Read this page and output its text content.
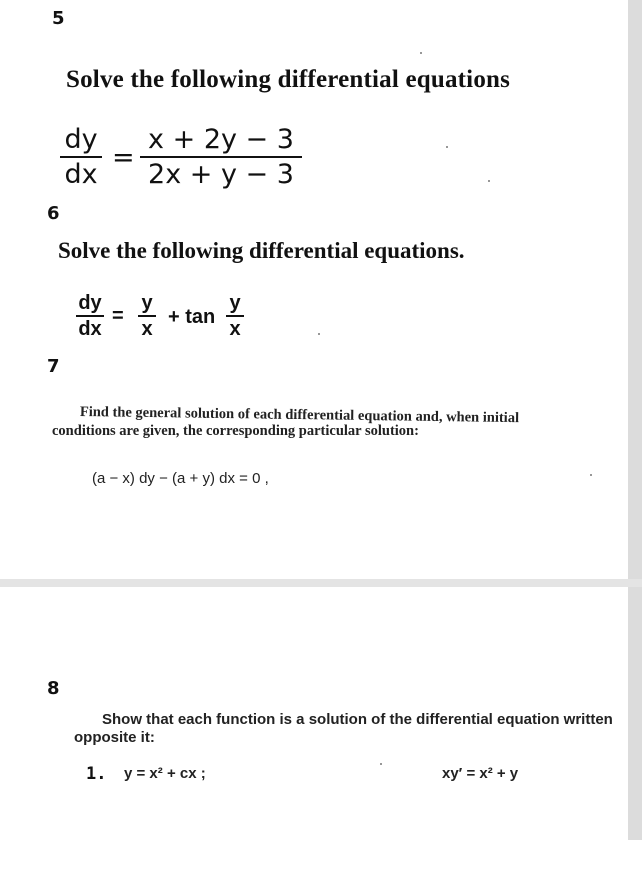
5
Solve the following differential equations
dy
dx
=
x + 2y − 3
2x + y − 3
6
Solve the following differential equations.
dy
dx
=
y
x
+ tan
y
x
7
Find the general solution of each differential equation and, when initial
conditions are given, the corresponding particular solution:
(a − x) dy − (a + y) dx = 0 ,
8
Show that each function is a solution of the differential equation written
opposite it:
1. y = x² + cx ;	xy′ = x² + y
